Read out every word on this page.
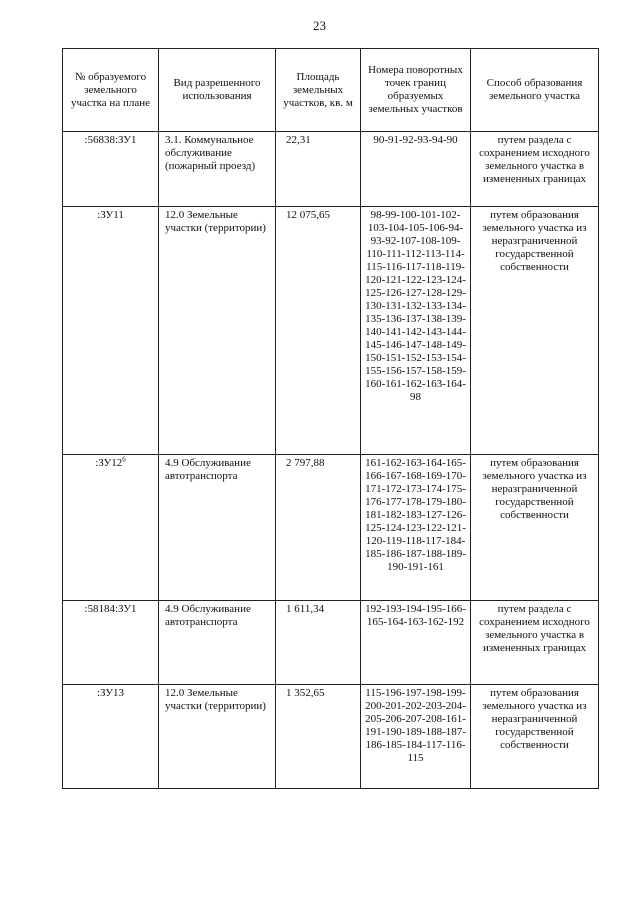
23
№ образуемого земельного участка на плане	Вид разрешенного использования	Площадь земельных участков, кв. м	Номера поворотных точек границ образуемых земельных участков	Способ образования земельного участка
:56838:ЗУ1	3.1. Коммунальное обслуживание (пожарный проезд)	22,31	90-91-92-93-94-90	путем раздела с сохранением исходного земельного участка в измененных границах
:ЗУ11	12.0 Земельные участки (территории)	12 075,65	98-99-100-101-102-103-104-105-106-94-93-92-107-108-109-110-111-112-113-114-115-116-117-118-119-120-121-122-123-124-125-126-127-128-129-130-131-132-133-134-135-136-137-138-139-140-141-142-143-144-145-146-147-148-149-150-151-152-153-154-155-156-157-158-159-160-161-162-163-164-98	путем образования земельного участка из неразграниченной государственной собственности
$:ЗУ12^6$	4.9 Обслуживание автотранспорта	2 797,88	161-162-163-164-165-166-167-168-169-170-171-172-173-174-175-176-177-178-179-180-181-182-183-127-126-125-124-123-122-121-120-119-118-117-184-185-186-187-188-189-190-191-161	путем образования земельного участка из неразграниченной государственной собственности
:58184:ЗУ1	4.9 Обслуживание автотранспорта	1 611,34	192-193-194-195-166-165-164-163-162-192	путем раздела с сохранением исходного земельного участка в измененных границах
:ЗУ13	12.0 Земельные участки (территории)	1 352,65	115-196-197-198-199-200-201-202-203-204-205-206-207-208-161-191-190-189-188-187-186-185-184-117-116-115	путем образования земельного участка из неразграниченной государственной собственности
